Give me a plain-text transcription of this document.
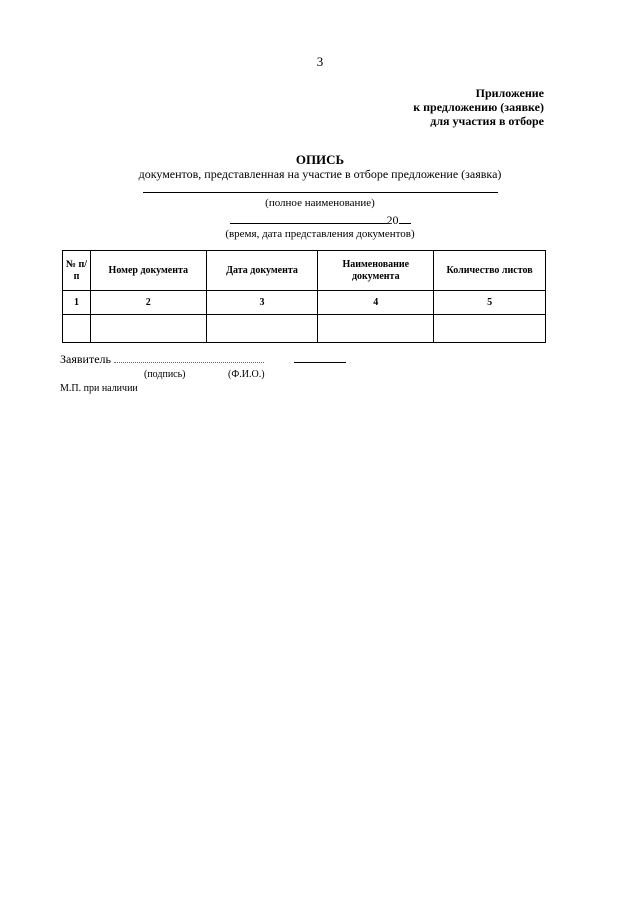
3
Приложение
к предложению (заявке)
для участия в отборе
ОПИСЬ
документов, представленная на участие в отборе предложение (заявка)
(полное наименование)
20
(время, дата представления документов)
№ п/п	Номер документа	Дата документа	Наименование документа	Количество листов
1	2	3	4	5

Заявитель
(подпись)	(Ф.И.О.)
М.П. при наличии
